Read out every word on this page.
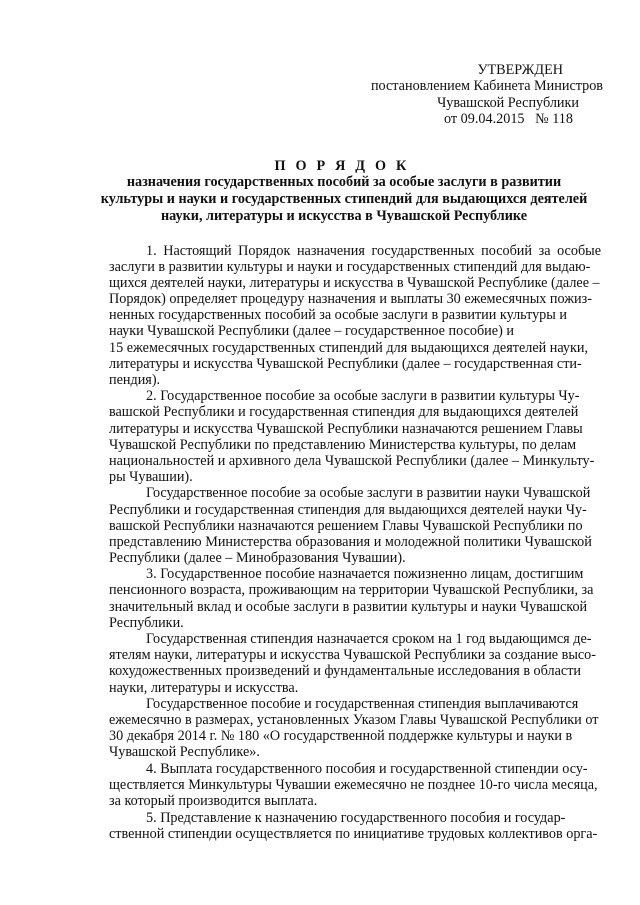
УТВЕРЖДЕН
постановлением Кабинета Министров
Чувашской Республики
от 09.04.2015   № 118
П О Р Я Д О К
назначения государственных пособий за особые заслуги в развитии
культуры и науки и государственных стипендий для выдающихся деятелей
науки, литературы и искусства в Чувашской Республике

1. Настоящий Порядок назначения государственных пособий за особые заслуги в развитии культуры и науки и государственных стипендий для выдаю-
щихся деятелей науки, литературы и искусства в Чувашской Республике (далее –
Порядок) определяет процедуру назначения и выплаты 30 ежемесячных пожиз-
ненных государственных пособий за особые заслуги в развитии культуры и
науки Чувашской Республики (далее – государственное пособие) и
15 ежемесячных государственных стипендий для выдающихся деятелей науки,
литературы и искусства Чувашской Республики (далее – государственная сти-
пендия).

2. Государственное пособие за особые заслуги в развитии культуры Чу-
вашской Республики и государственная стипендия для выдающихся деятелей
литературы и искусства Чувашской Республики назначаются решением Главы
Чувашской Республики по представлению Министерства культуры, по делам
национальностей и архивного дела Чувашской Республики (далее – Минкульту-
ры Чувашии).

Государственное пособие за особые заслуги в развитии науки Чувашской
Республики и государственная стипендия для выдающихся деятелей науки Чу-
вашской Республики назначаются решением Главы Чувашской Республики по
представлению Министерства образования и молодежной политики Чувашской
Республики (далее – Минобразования Чувашии).

3. Государственное пособие назначается пожизненно лицам, достигшим
пенсионного возраста, проживающим на территории Чувашской Республики, за
значительный вклад и особые заслуги в развитии культуры и науки Чувашской
Республики.

Государственная стипендия назначается сроком на 1 год выдающимся де-
ятелям науки, литературы и искусства Чувашской Республики за создание высо-
кохудожественных произведений и фундаментальные исследования в области
науки, литературы и искусства.

Государственное пособие и государственная стипендия выплачиваются
ежемесячно в размерах, установленных Указом Главы Чувашской Республики от
30 декабря 2014 г. № 180 «О государственной поддержке культуры и науки в
Чувашской Республике».

4. Выплата государственного пособия и государственной стипендии осу-
ществляется Минкультуры Чувашии ежемесячно не позднее 10-го числа месяца,
за который производится выплата.

5. Представление к назначению государственного пособия и государ-
ственной стипендии осуществляется по инициативе трудовых коллективов орга-
